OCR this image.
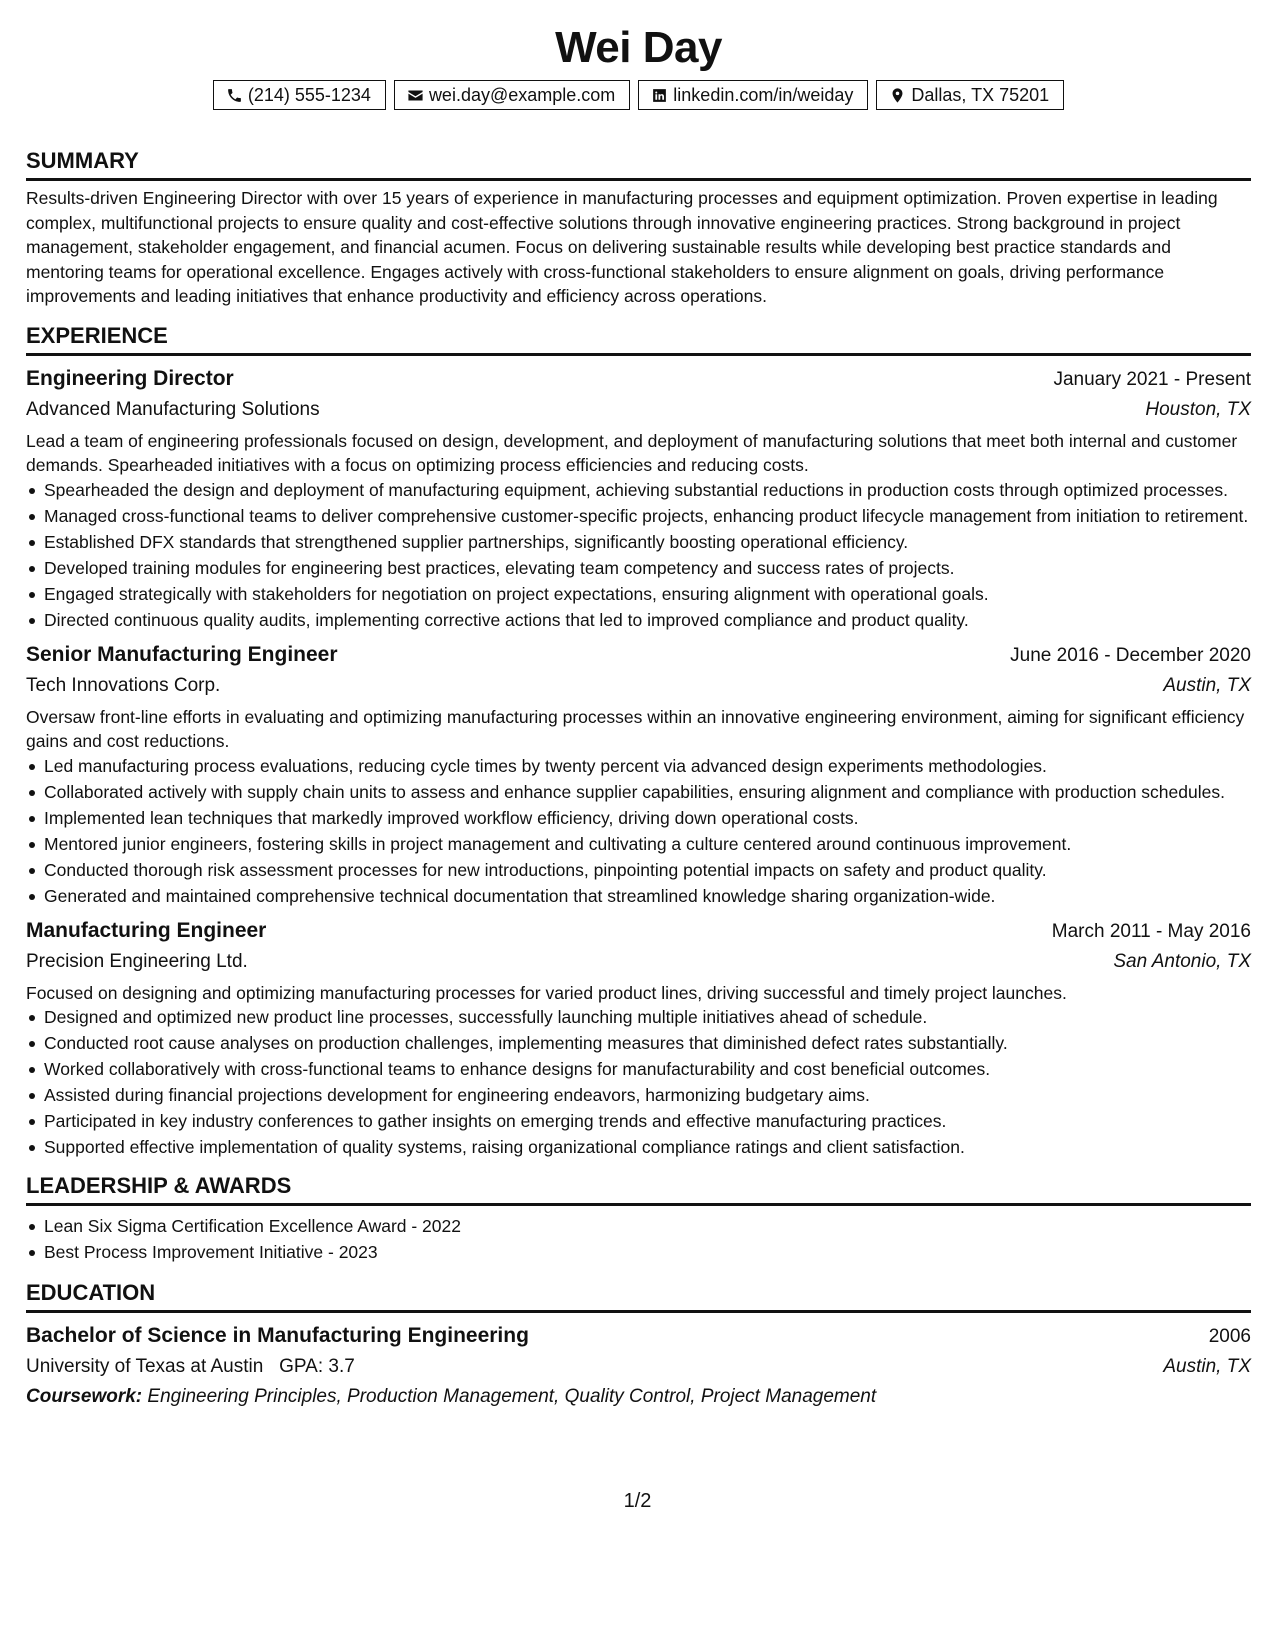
Wei Day
(214) 555-1234	wei.day@example.com	linkedin.com/in/weiday	Dallas, TX 75201
SUMMARY

Results-driven Engineering Director with over 15 years of experience in manufacturing processes and equipment optimization. Proven expertise in leading complex, multifunctional projects to ensure quality and cost-effective solutions through innovative engineering practices. Strong background in project management, stakeholder engagement, and financial acumen. Focus on delivering sustainable results while developing best practice standards and mentoring teams for operational excellence. Engages actively with cross-functional stakeholders to ensure alignment on goals, driving performance improvements and leading initiatives that enhance productivity and efficiency across operations.

EXPERIENCE
Engineering Director	January 2021 - Present
Advanced Manufacturing Solutions	Houston, TX

Lead a team of engineering professionals focused on design, development, and deployment of manufacturing solutions that meet both internal and customer demands. Spearheaded initiatives with a focus on optimizing process efficiencies and reducing costs.

Spearheaded the design and deployment of manufacturing equipment, achieving substantial reductions in production costs through optimized processes.
Managed cross-functional teams to deliver comprehensive customer-specific projects, enhancing product lifecycle management from initiation to retirement.
Established DFX standards that strengthened supplier partnerships, significantly boosting operational efficiency.
Developed training modules for engineering best practices, elevating team competency and success rates of projects.
Engaged strategically with stakeholders for negotiation on project expectations, ensuring alignment with operational goals.
Directed continuous quality audits, implementing corrective actions that led to improved compliance and product quality.
Senior Manufacturing Engineer	June 2016 - December 2020
Tech Innovations Corp.	Austin, TX

Oversaw front-line efforts in evaluating and optimizing manufacturing processes within an innovative engineering environment, aiming for significant efficiency gains and cost reductions.

Led manufacturing process evaluations, reducing cycle times by twenty percent via advanced design experiments methodologies.
Collaborated actively with supply chain units to assess and enhance supplier capabilities, ensuring alignment and compliance with production schedules.
Implemented lean techniques that markedly improved workflow efficiency, driving down operational costs.
Mentored junior engineers, fostering skills in project management and cultivating a culture centered around continuous improvement.
Conducted thorough risk assessment processes for new introductions, pinpointing potential impacts on safety and product quality.
Generated and maintained comprehensive technical documentation that streamlined knowledge sharing organization-wide.
Manufacturing Engineer	March 2011 - May 2016
Precision Engineering Ltd.	San Antonio, TX

Focused on designing and optimizing manufacturing processes for varied product lines, driving successful and timely project launches.

Designed and optimized new product line processes, successfully launching multiple initiatives ahead of schedule.
Conducted root cause analyses on production challenges, implementing measures that diminished defect rates substantially.
Worked collaboratively with cross-functional teams to enhance designs for manufacturability and cost beneficial outcomes.
Assisted during financial projections development for engineering endeavors, harmonizing budgetary aims.
Participated in key industry conferences to gather insights on emerging trends and effective manufacturing practices.
Supported effective implementation of quality systems, raising organizational compliance ratings and client satisfaction.
LEADERSHIP & AWARDS
Lean Six Sigma Certification Excellence Award - 2022
Best Process Improvement Initiative - 2023
EDUCATION
Bachelor of Science in Manufacturing Engineering	2006
University of Texas at Austin GPA: 3.7	Austin, TX
Coursework: Engineering Principles, Production Management, Quality Control, Project Management
1/2
